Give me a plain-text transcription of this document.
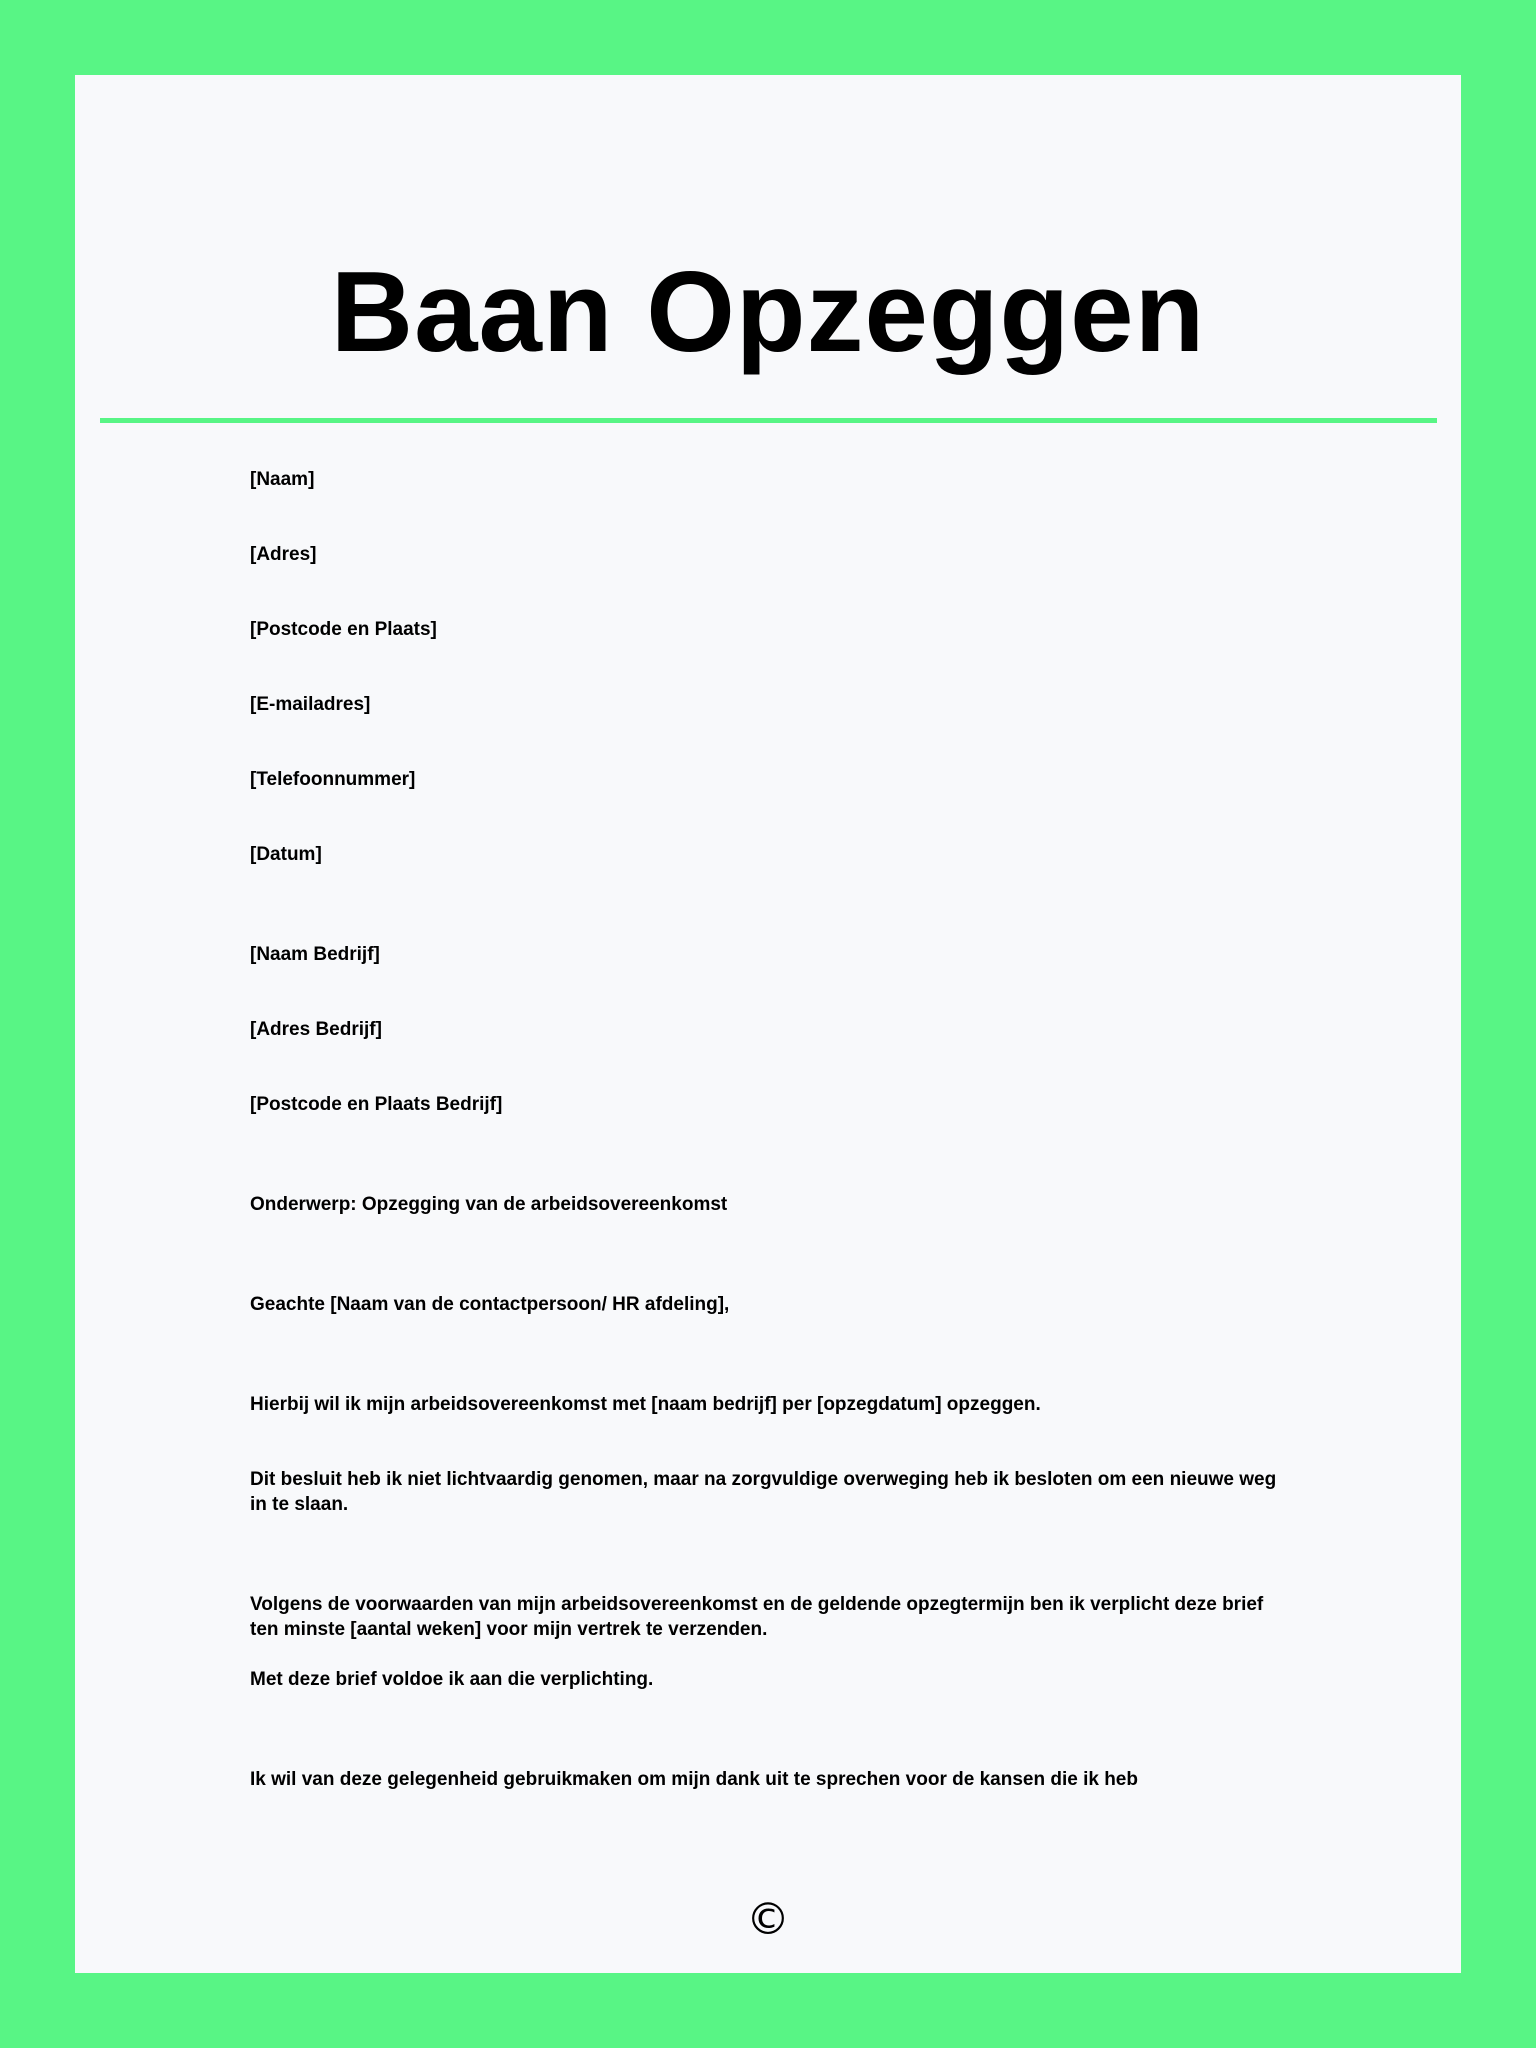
Baan Opzeggen

[Naam]

[Adres]

[Postcode en Plaats]

[E-mailadres]

[Telefoonnummer]

[Datum]

[Naam Bedrijf]

[Adres Bedrijf]

[Postcode en Plaats Bedrijf]

Onderwerp: Opzegging van de arbeidsovereenkomst

Geachte [Naam van de contactpersoon/ HR afdeling],

Hierbij wil ik mijn arbeidsovereenkomst met [naam bedrijf] per [opzegdatum] opzeggen.

Dit besluit heb ik niet lichtvaardig genomen, maar na zorgvuldige overweging heb ik besloten om een nieuwe weg in te slaan.

Volgens de voorwaarden van mijn arbeidsovereenkomst en de geldende opzegtermijn ben ik verplicht deze brief ten minste [aantal weken] voor mijn vertrek te verzenden.

Met deze brief voldoe ik aan die verplichting.

Ik wil van deze gelegenheid gebruikmaken om mijn dank uit te sprechen voor de kansen die ik heb

©
